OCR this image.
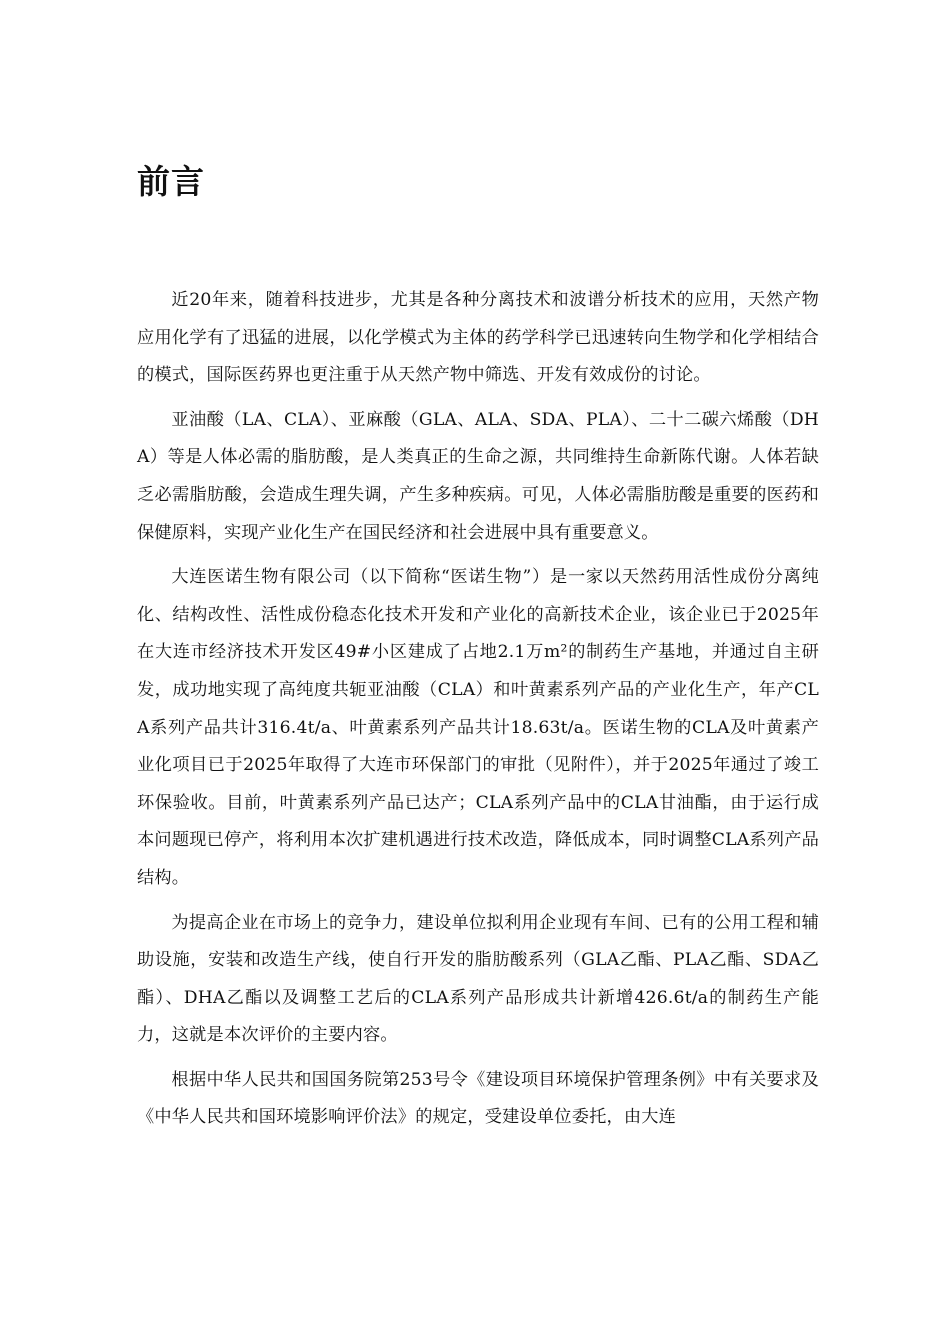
前言

近20年来，随着科技进步，尤其是各种分离技术和波谱分析技术的应用，天然产物应用化学有了迅猛的进展，以化学模式为主体的药学科学已迅速转向生物学和化学相结合的模式，国际医药界也更注重于从天然产物中筛选、开发有效成份的讨论。

亚油酸（LA、CLA）、亚麻酸（GLA、ALA、SDA、PLA）、二十二碳六烯酸（DHA）等是人体必需的脂肪酸，是人类真正的生命之源，共同维持生命新陈代谢。人体若缺乏必需脂肪酸，会造成生理失调，产生多种疾病。可见，人体必需脂肪酸是重要的医药和保健原料，实现产业化生产在国民经济和社会进展中具有重要意义。

大连医诺生物有限公司（以下简称“医诺生物”）是一家以天然药用活性成份分离纯化、结构改性、活性成份稳态化技术开发和产业化的高新技术企业，该企业已于2025年在大连市经济技术开发区49#小区建成了占地2.1万m²的制药生产基地，并通过自主研发，成功地实现了高纯度共轭亚油酸（CLA）和叶黄素系列产品的产业化生产，年产CLA系列产品共计316.4t/a、叶黄素系列产品共计18.63t/a。医诺生物的CLA及叶黄素产业化项目已于2025年取得了大连市环保部门的审批（见附件），并于2025年通过了竣工环保验收。目前，叶黄素系列产品已达产；CLA系列产品中的CLA甘油酯，由于运行成本问题现已停产，将利用本次扩建机遇进行技术改造，降低成本，同时调整CLA系列产品结构。

为提高企业在市场上的竞争力，建设单位拟利用企业现有车间、已有的公用工程和辅助设施，安装和改造生产线，使自行开发的脂肪酸系列（GLA乙酯、PLA乙酯、SDA乙酯）、DHA乙酯以及调整工艺后的CLA系列产品形成共计新增426.6t/a的制药生产能力，这就是本次评价的主要内容。

根据中华人民共和国国务院第253号令《建设项目环境保护管理条例》中有关要求及《中华人民共和国环境影响评价法》的规定，受建设单位委托，由大连
